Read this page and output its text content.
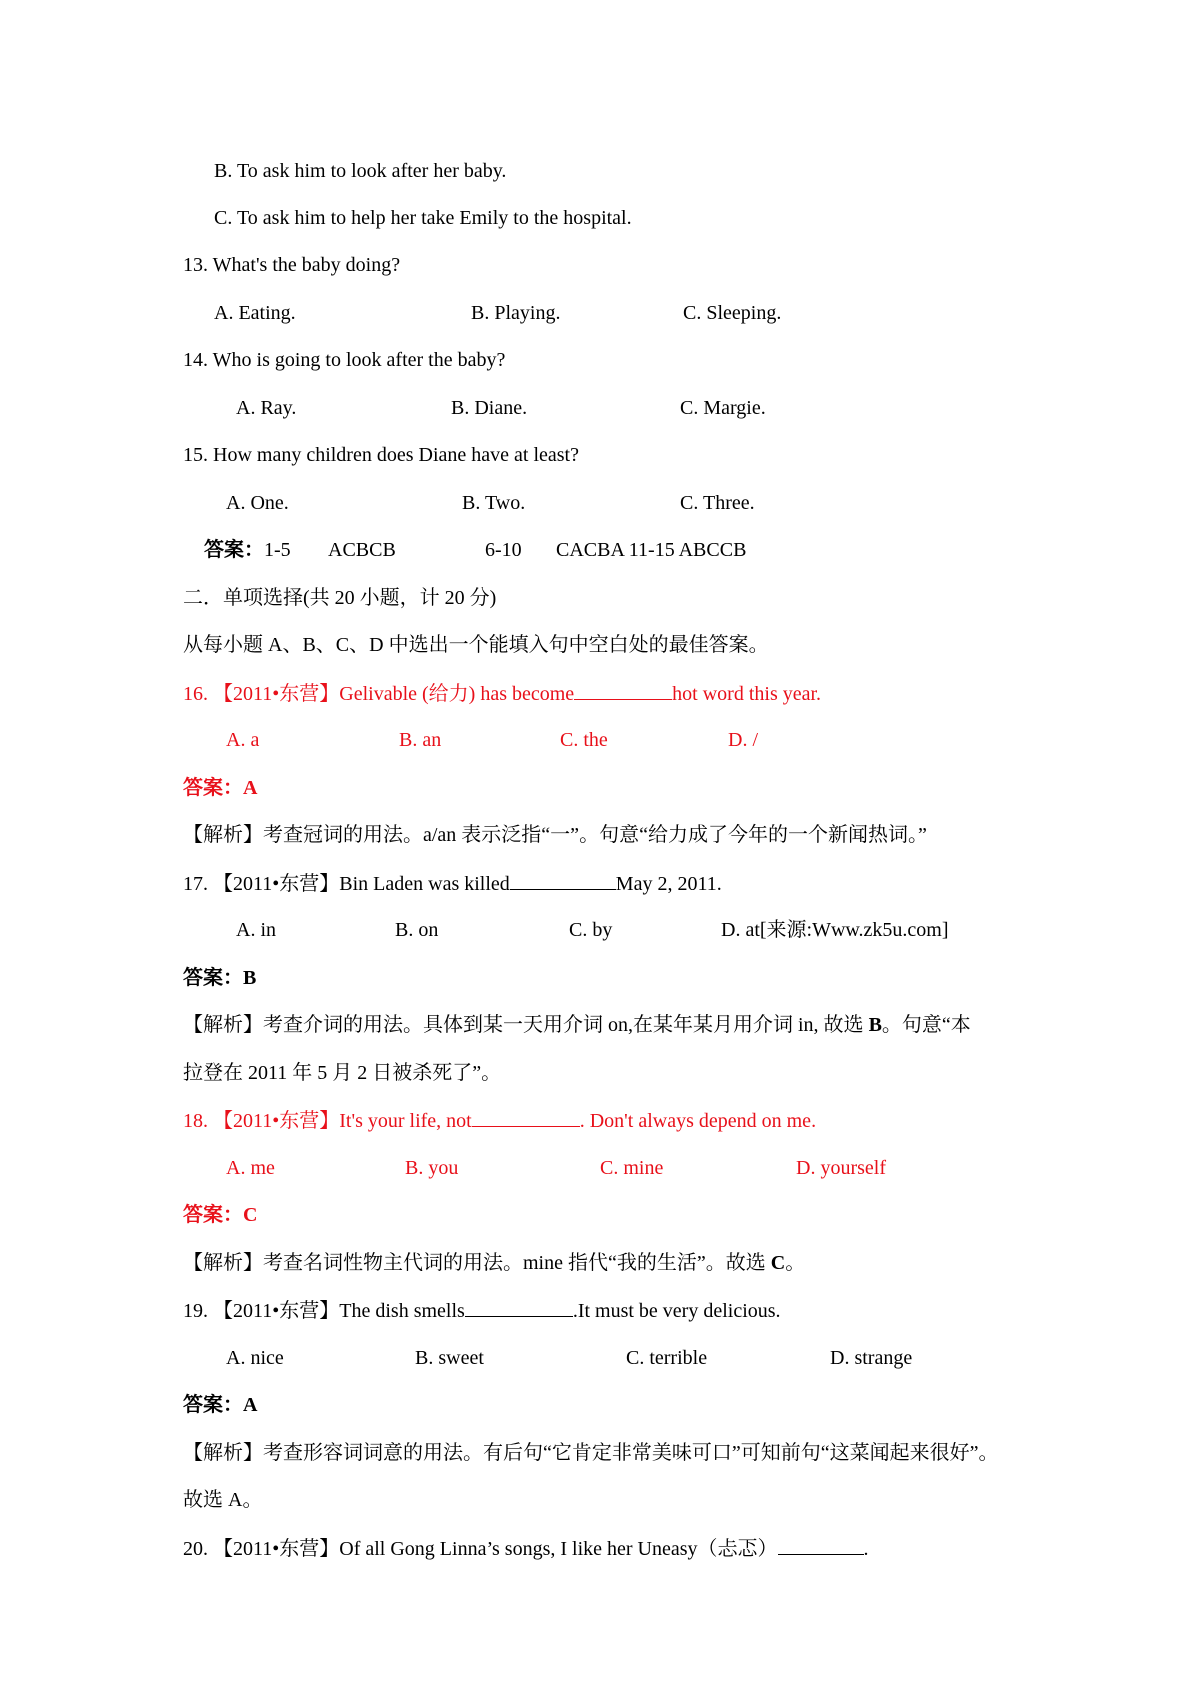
B. To ask him to look after her baby.
C. To ask him to help her take Emily to the hospital.
13. What's the baby doing?
A. Eating.	B. Playing.	C. Sleeping.
14. Who is going to look after the baby?
A. Ray.	B. Diane.	C. Margie.
15. How many children does Diane have at least?
A. One.	B. Two.	C. Three.
答案：1-5 ACBCB	6-10 CACBA 11-15 ABCCB
二．单项选择(共 20 小题，计 20 分)
从每小题 A、B、C、D 中选出一个能填入句中空白处的最佳答案。
16. 【2011•东营】Gelivable (给力) has become	hot word this year.
A. a	B. an	C. the	D. /
答案：A
【解析】考查冠词的用法。a/an 表示泛指“一”。句意“给力成了今年的一个新闻热词。”
17. 【2011•东营】Bin Laden was killed	May 2, 2011.
A. in	B. on	C. by	D. at[来源:Www.zk5u.com]
答案：B
【解析】考查介词的用法。具体到某一天用介词 on,在某年某月用介词 in, 故选 B。句意“本
拉登在 2011 年 5 月 2 日被杀死了”。
18. 【2011•东营】It's your life, not	. Don't always depend on me.
A. me	B. you	C. mine	D. yourself
答案：C
【解析】考查名词性物主代词的用法。mine 指代“我的生活”。故选 C。
19. 【2011•东营】The dish smells	.It must be very delicious.
A. nice	B. sweet	C. terrible	D. strange
答案：A
【解析】考查形容词词意的用法。有后句“它肯定非常美味可口”可知前句“这菜闻起来很好”。
故选 A。
20. 【2011•东营】Of all Gong Linna’s songs, I like her Uneasy（忐忑）	.
